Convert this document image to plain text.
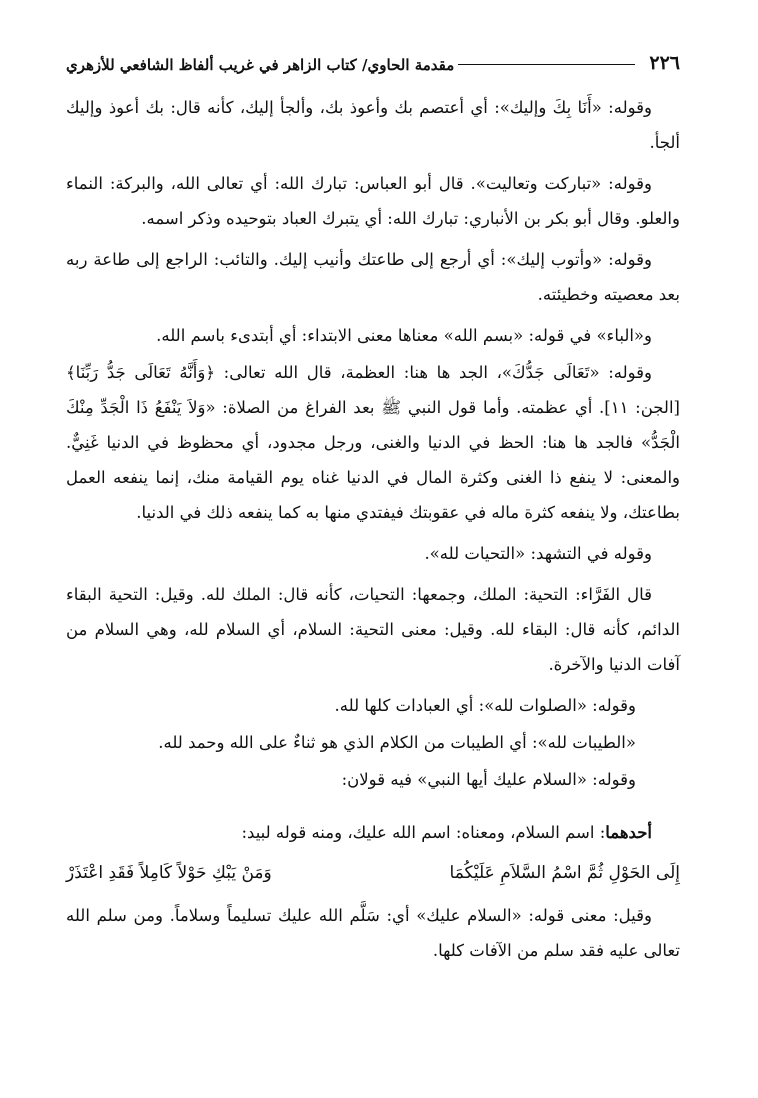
٢٢٦
مقدمة الحاوي/ كتاب الزاهر في غريب ألفاظ الشافعي للأزهري

وقوله: «أَنَا بِكَ وإليك»: أي أعتصم بك وأعوذ بك، وألجأ إليك، كأنه قال: بك أعوذ وإليك ألجأ.

وقوله: «تباركت وتعاليت». قال أبو العباس: تبارك الله: أي تعالى الله، والبركة: النماء والعلو. وقال أبو بكر بن الأنباري: تبارك الله: أي يتبرك العباد بتوحيده وذكر اسمه.

وقوله: «وأتوب إليك»: أي أرجع إلى طاعتك وأنيب إليك. والتائب: الراجع إلى طاعة ربه بعد معصيته وخطيئته.

و«الباء» في قوله: «بسم الله» معناها معنى الابتداء: أي أبتدىء باسم الله.

وقوله: «تَعَالَى جَدُّكَ»، الجد ها هنا: العظمة، قال الله تعالى: ﴿وَأَنَّهُ تَعَالَى جَدُّ رَبِّنَا﴾ [الجن: ١١]. أي عظمته. وأما قول النبي ﷺ بعد الفراغ من الصلاة: «وَلاَ يَنْفَعُ ذَا الْجَدِّ مِنْكَ الْجَدُّ» فالجد ها هنا: الحظ في الدنيا والغنى، ورجل مجدود، أي محظوظ في الدنيا غَنِيٌّ. والمعنى: لا ينفع ذا الغنى وكثرة المال في الدنيا غناه يوم القيامة منك، إنما ينفعه العمل بطاعتك، ولا ينفعه كثرة ماله في عقوبتك فيفتدي منها به كما ينفعه ذلك في الدنيا.

وقوله في التشهد: «التحيات لله».

قال الفَرَّاء: التحية: الملك، وجمعها: التحيات، كأنه قال: الملك لله. وقيل: التحية البقاء الدائم، كأنه قال: البقاء لله. وقيل: معنى التحية: السلام، أي السلام لله، وهي السلام من آفات الدنيا والآخرة.

وقوله: «الصلوات لله»: أي العبادات كلها لله.

«الطيبات لله»: أي الطيبات من الكلام الذي هو ثناءٌ على الله وحمد لله.

وقوله: «السلام عليك أيها النبي» فيه قولان:

أحدهما: اسم السلام، ومعناه: اسم الله عليك، ومنه قوله لبيد:

إِلَى الحَوْلِ ثُمَّ اسْمُ السَّلاَمِ عَلَيْكُمَا
وَمَنْ يَبْكِ حَوْلاً كَامِلاً فَقَدِ اعْتَذَرْ

وقيل: معنى قوله: «السلام عليك» أي: سَلَّم الله عليك تسليماً وسلاماً. ومن سلم الله تعالى عليه فقد سلم من الآفات كلها.
